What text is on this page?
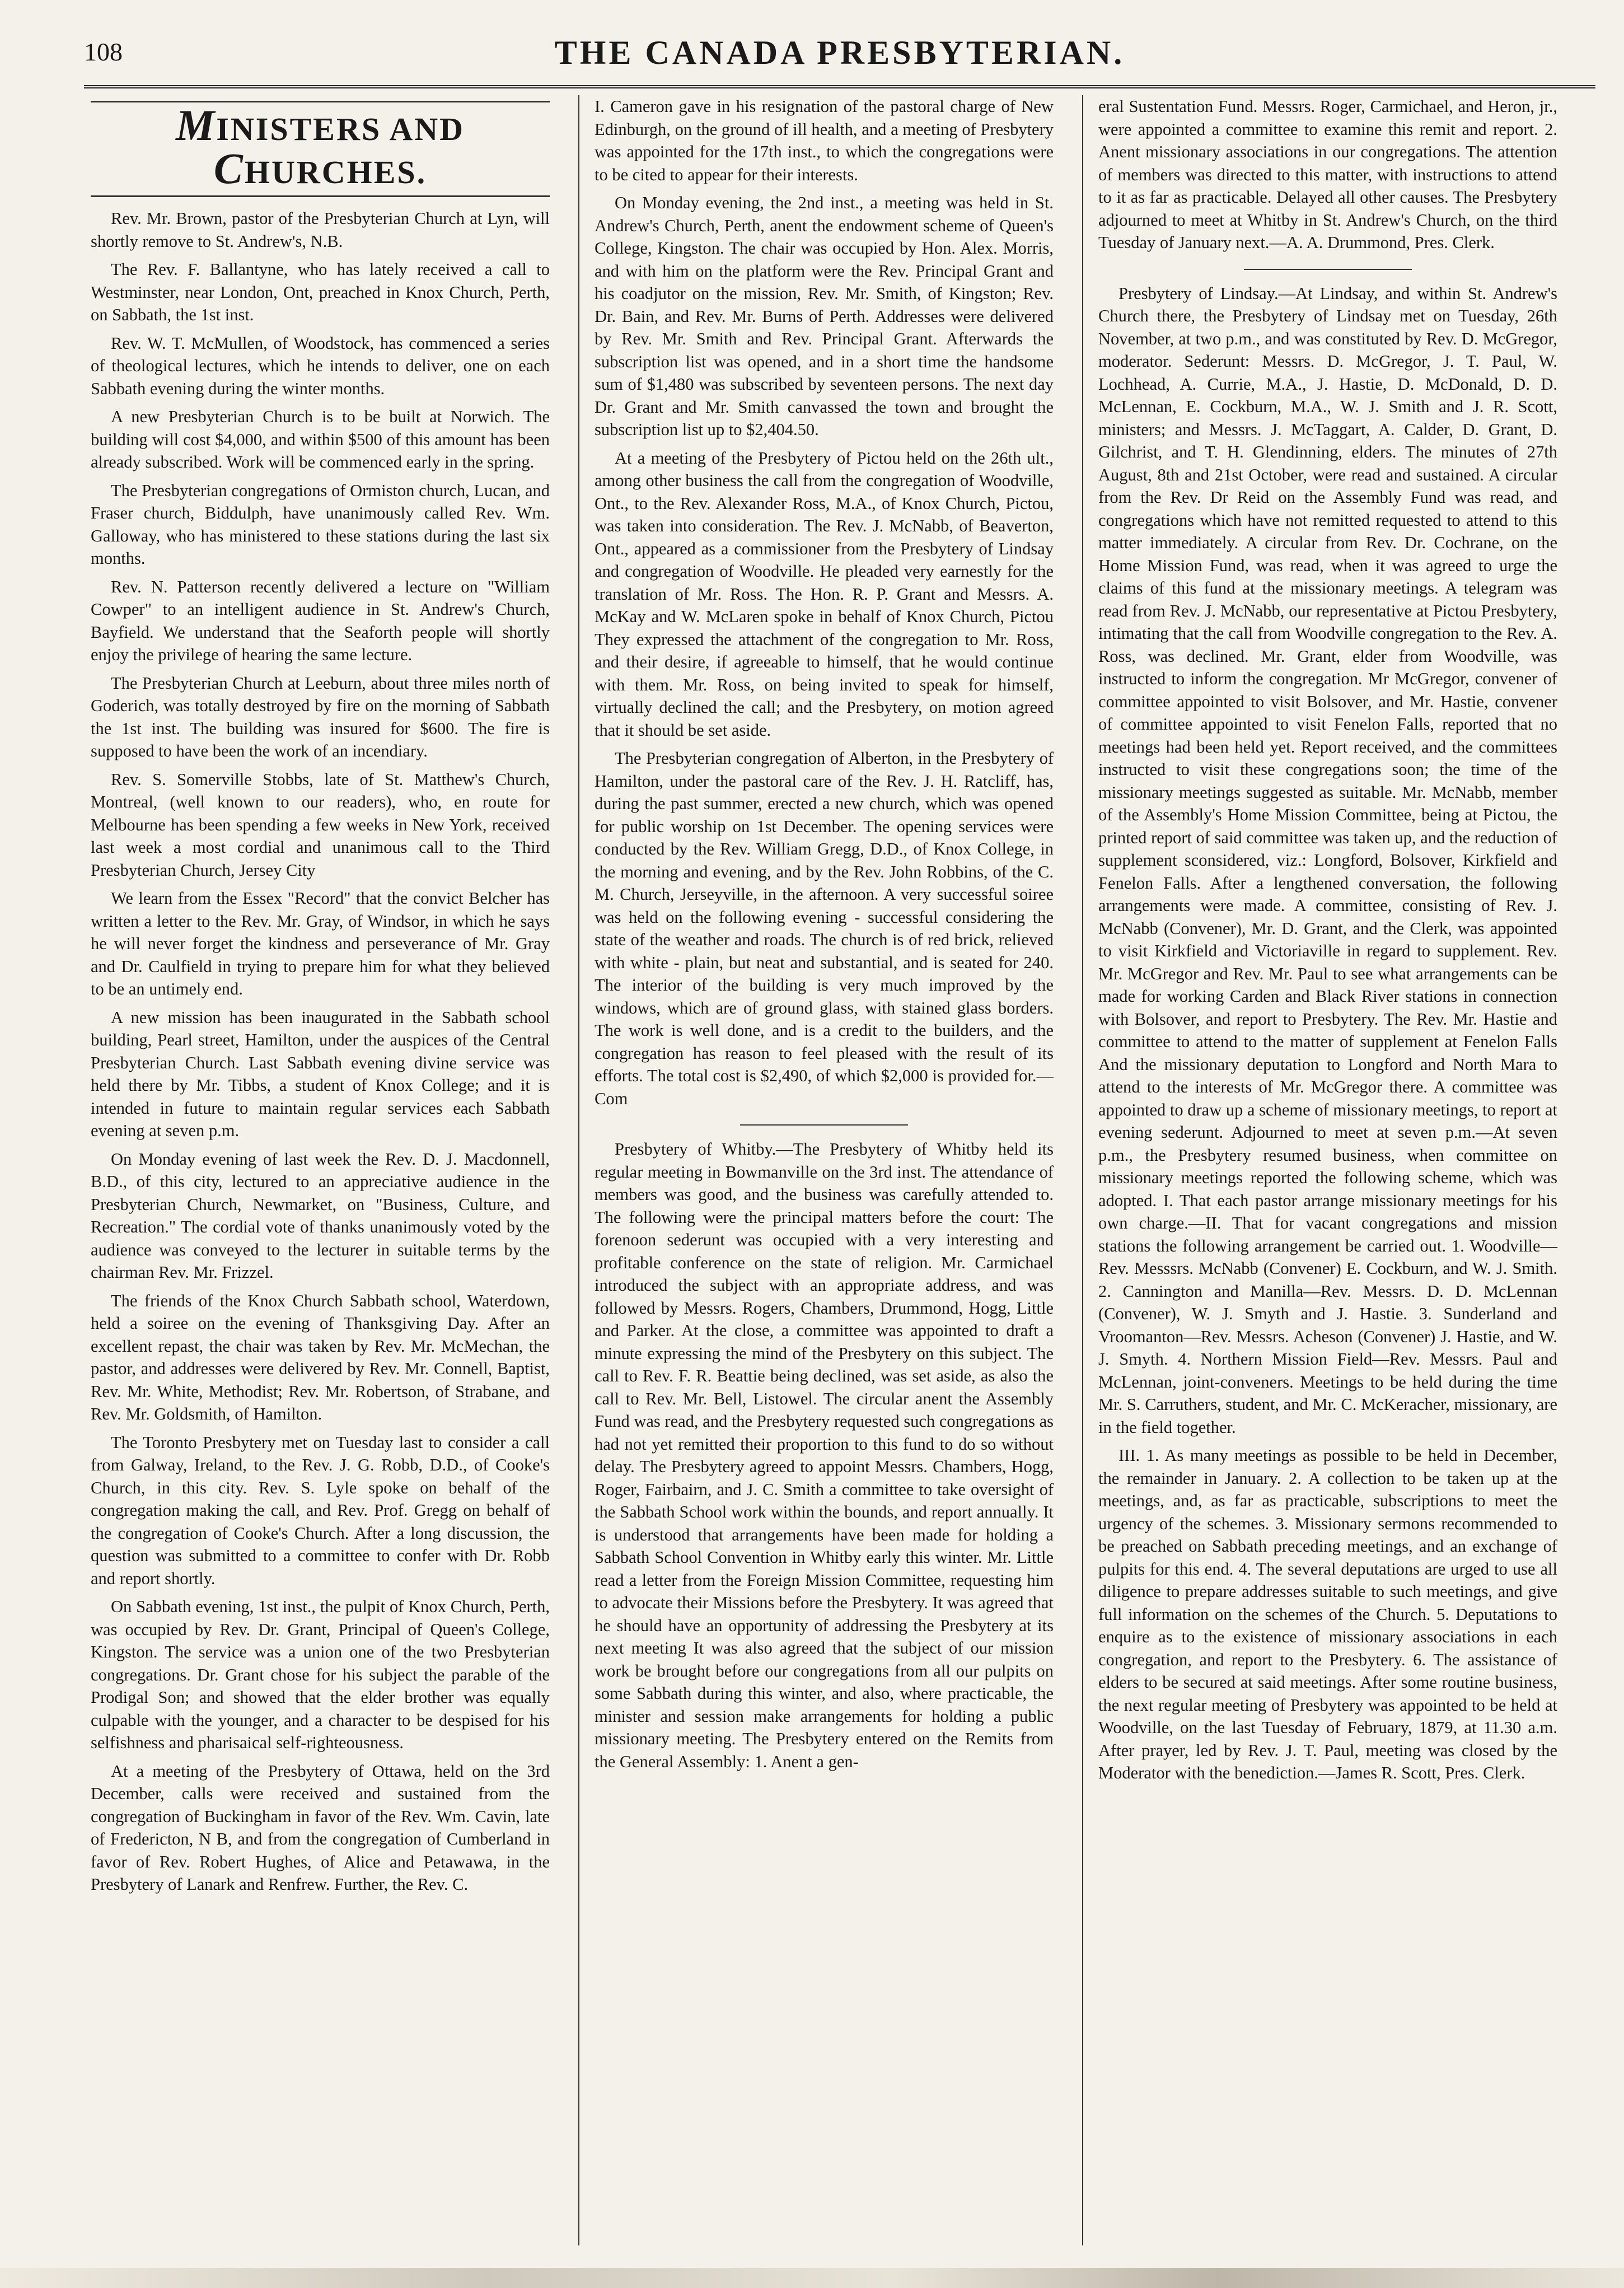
108	THE CANADA PRESBYTERIAN.
MINISTERS AND CHURCHES.

Rev. Mr. Brown, pastor of the Presbyterian Church at Lyn, will shortly remove to St. Andrew's, N.B.

The Rev. F. Ballantyne, who has lately received a call to Westminster, near London, Ont, preached in Knox Church, Perth, on Sabbath, the 1st inst.

Rev. W. T. McMullen, of Woodstock, has commenced a series of theological lectures, which he intends to deliver, one on each Sabbath evening during the winter months.

A new Presbyterian Church is to be built at Norwich. The building will cost $4,000, and within $500 of this amount has been already subscribed. Work will be commenced early in the spring.

The Presbyterian congregations of Ormiston church, Lucan, and Fraser church, Biddulph, have unanimously called Rev. Wm. Galloway, who has ministered to these stations during the last six months.

Rev. N. Patterson recently delivered a lecture on "William Cowper" to an intelligent audience in St. Andrew's Church, Bayfield. We understand that the Seaforth people will shortly enjoy the privilege of hearing the same lecture.

The Presbyterian Church at Leeburn, about three miles north of Goderich, was totally destroyed by fire on the morning of Sabbath the 1st inst. The building was insured for $600. The fire is supposed to have been the work of an incendiary.

Rev. S. Somerville Stobbs, late of St. Matthew's Church, Montreal, (well known to our readers), who, en route for Melbourne has been spending a few weeks in New York, received last week a most cordial and unanimous call to the Third Presbyterian Church, Jersey City

We learn from the Essex "Record" that the convict Belcher has written a letter to the Rev. Mr. Gray, of Windsor, in which he says he will never forget the kindness and perseverance of Mr. Gray and Dr. Caulfield in trying to prepare him for what they believed to be an untimely end.

A new mission has been inaugurated in the Sabbath school building, Pearl street, Hamilton, under the auspices of the Central Presbyterian Church. Last Sabbath evening divine service was held there by Mr. Tibbs, a student of Knox College; and it is intended in future to maintain regular services each Sabbath evening at seven p.m.

On Monday evening of last week the Rev. D. J. Macdonnell, B.D., of this city, lectured to an appreciative audience in the Presbyterian Church, Newmarket, on "Business, Culture, and Recreation." The cordial vote of thanks unanimously voted by the audience was conveyed to the lecturer in suitable terms by the chairman Rev. Mr. Frizzel.

The friends of the Knox Church Sabbath school, Waterdown, held a soiree on the evening of Thanksgiving Day. After an excellent repast, the chair was taken by Rev. Mr. McMechan, the pastor, and addresses were delivered by Rev. Mr. Connell, Baptist, Rev. Mr. White, Methodist; Rev. Mr. Robertson, of Strabane, and Rev. Mr. Goldsmith, of Hamilton.

The Toronto Presbytery met on Tuesday last to consider a call from Galway, Ireland, to the Rev. J. G. Robb, D.D., of Cooke's Church, in this city. Rev. S. Lyle spoke on behalf of the congregation making the call, and Rev. Prof. Gregg on behalf of the congregation of Cooke's Church. After a long discussion, the question was submitted to a committee to confer with Dr. Robb and report shortly.

On Sabbath evening, 1st inst., the pulpit of Knox Church, Perth, was occupied by Rev. Dr. Grant, Principal of Queen's College, Kingston. The service was a union one of the two Presbyterian congregations. Dr. Grant chose for his subject the parable of the Prodigal Son; and showed that the elder brother was equally culpable with the younger, and a character to be despised for his selfishness and pharisaical self-righteousness.

At a meeting of the Presbytery of Ottawa, held on the 3rd December, calls were received and sustained from the congregation of Buckingham in favor of the Rev. Wm. Cavin, late of Fredericton, N B, and from the congregation of Cumberland in favor of Rev. Robert Hughes, of Alice and Petawawa, in the Presbytery of Lanark and Renfrew. Further, the Rev. C.

I. Cameron gave in his resignation of the pastoral charge of New Edinburgh, on the ground of ill health, and a meeting of Presbytery was appointed for the 17th inst., to which the congregations were to be cited to appear for their interests.

On Monday evening, the 2nd inst., a meeting was held in St. Andrew's Church, Perth, anent the endowment scheme of Queen's College, Kingston. The chair was occupied by Hon. Alex. Morris, and with him on the platform were the Rev. Principal Grant and his coadjutor on the mission, Rev. Mr. Smith, of Kingston; Rev. Dr. Bain, and Rev. Mr. Burns of Perth. Addresses were delivered by Rev. Mr. Smith and Rev. Principal Grant. Afterwards the subscription list was opened, and in a short time the handsome sum of $1,480 was subscribed by seventeen persons. The next day Dr. Grant and Mr. Smith canvassed the town and brought the subscription list up to $2,404.50.

At a meeting of the Presbytery of Pictou held on the 26th ult., among other business the call from the congregation of Woodville, Ont., to the Rev. Alexander Ross, M.A., of Knox Church, Pictou, was taken into consideration. The Rev. J. McNabb, of Beaverton, Ont., appeared as a commissioner from the Presbytery of Lindsay and congregation of Woodville. He pleaded very earnestly for the translation of Mr. Ross. The Hon. R. P. Grant and Messrs. A. McKay and W. McLaren spoke in behalf of Knox Church, Pictou They expressed the attachment of the congregation to Mr. Ross, and their desire, if agreeable to himself, that he would continue with them. Mr. Ross, on being invited to speak for himself, virtually declined the call; and the Presbytery, on motion agreed that it should be set aside.

The Presbyterian congregation of Alberton, in the Presbytery of Hamilton, under the pastoral care of the Rev. J. H. Ratcliff, has, during the past summer, erected a new church, which was opened for public worship on 1st December. The opening services were conducted by the Rev. William Gregg, D.D., of Knox College, in the morning and evening, and by the Rev. John Robbins, of the C. M. Church, Jerseyville, in the afternoon. A very successful soiree was held on the following evening - successful considering the state of the weather and roads. The church is of red brick, relieved with white - plain, but neat and substantial, and is seated for 240. The interior of the building is very much improved by the windows, which are of ground glass, with stained glass borders. The work is well done, and is a credit to the builders, and the congregation has reason to feel pleased with the result of its efforts. The total cost is $2,490, of which $2,000 is provided for.—Com

Presbytery of Whitby.—The Presbytery of Whitby held its regular meeting in Bowmanville on the 3rd inst. The attendance of members was good, and the business was carefully attended to. The following were the principal matters before the court: The forenoon sederunt was occupied with a very interesting and profitable conference on the state of religion. Mr. Carmichael introduced the subject with an appropriate address, and was followed by Messrs. Rogers, Chambers, Drummond, Hogg, Little and Parker. At the close, a committee was appointed to draft a minute expressing the mind of the Presbytery on this subject. The call to Rev. F. R. Beattie being declined, was set aside, as also the call to Rev. Mr. Bell, Listowel. The circular anent the Assembly Fund was read, and the Presbytery requested such congregations as had not yet remitted their proportion to this fund to do so without delay. The Presbytery agreed to appoint Messrs. Chambers, Hogg, Roger, Fairbairn, and J. C. Smith a committee to take oversight of the Sabbath School work within the bounds, and report annually. It is understood that arrangements have been made for holding a Sabbath School Convention in Whitby early this winter. Mr. Little read a letter from the Foreign Mission Committee, requesting him to advocate their Missions before the Presbytery. It was agreed that he should have an opportunity of addressing the Presbytery at its next meeting It was also agreed that the subject of our mission work be brought before our congregations from all our pulpits on some Sabbath during this winter, and also, where practicable, the minister and session make arrangements for holding a public missionary meeting. The Presbytery entered on the Remits from the General Assembly: 1. Anent a gen-

eral Sustentation Fund. Messrs. Roger, Carmichael, and Heron, jr., were appointed a committee to examine this remit and report. 2. Anent missionary associations in our congregations. The attention of members was directed to this matter, with instructions to attend to it as far as practicable. Delayed all other causes. The Presbytery adjourned to meet at Whitby in St. Andrew's Church, on the third Tuesday of January next.—A. A. Drummond, Pres. Clerk.

Presbytery of Lindsay.—At Lindsay, and within St. Andrew's Church there, the Presbytery of Lindsay met on Tuesday, 26th November, at two p.m., and was constituted by Rev. D. McGregor, moderator. Sederunt: Messrs. D. McGregor, J. T. Paul, W. Lochhead, A. Currie, M.A., J. Hastie, D. McDonald, D. D. McLennan, E. Cockburn, M.A., W. J. Smith and J. R. Scott, ministers; and Messrs. J. McTaggart, A. Calder, D. Grant, D. Gilchrist, and T. H. Glendinning, elders. The minutes of 27th August, 8th and 21st October, were read and sustained. A circular from the Rev. Dr Reid on the Assembly Fund was read, and congregations which have not remitted requested to attend to this matter immediately. A circular from Rev. Dr. Cochrane, on the Home Mission Fund, was read, when it was agreed to urge the claims of this fund at the missionary meetings. A telegram was read from Rev. J. McNabb, our representative at Pictou Presbytery, intimating that the call from Woodville congregation to the Rev. A. Ross, was declined. Mr. Grant, elder from Woodville, was instructed to inform the congregation. Mr McGregor, convener of committee appointed to visit Bolsover, and Mr. Hastie, convener of committee appointed to visit Fenelon Falls, reported that no meetings had been held yet. Report received, and the committees instructed to visit these congregations soon; the time of the missionary meetings suggested as suitable. Mr. McNabb, member of the Assembly's Home Mission Committee, being at Pictou, the printed report of said committee was taken up, and the reduction of supplement sconsidered, viz.: Longford, Bolsover, Kirkfield and Fenelon Falls. After a lengthened conversation, the following arrangements were made. A committee, consisting of Rev. J. McNabb (Convener), Mr. D. Grant, and the Clerk, was appointed to visit Kirkfield and Victoriaville in regard to supplement. Rev. Mr. McGregor and Rev. Mr. Paul to see what arrangements can be made for working Carden and Black River stations in connection with Bolsover, and report to Presbytery. The Rev. Mr. Hastie and committee to attend to the matter of supplement at Fenelon Falls And the missionary deputation to Longford and North Mara to attend to the interests of Mr. McGregor there. A committee was appointed to draw up a scheme of missionary meetings, to report at evening sederunt. Adjourned to meet at seven p.m.—At seven p.m., the Presbytery resumed business, when committee on missionary meetings reported the following scheme, which was adopted. I. That each pastor arrange missionary meetings for his own charge.—II. That for vacant congregations and mission stations the following arrangement be carried out. 1. Woodville—Rev. Messsrs. McNabb (Convener) E. Cockburn, and W. J. Smith. 2. Cannington and Manilla—Rev. Messrs. D. D. McLennan (Convener), W. J. Smyth and J. Hastie. 3. Sunderland and Vroomanton—Rev. Messrs. Acheson (Convener) J. Hastie, and W. J. Smyth. 4. Northern Mission Field—Rev. Messrs. Paul and McLennan, joint-conveners. Meetings to be held during the time Mr. S. Carruthers, student, and Mr. C. McKeracher, missionary, are in the field together.

III. 1. As many meetings as possible to be held in December, the remainder in January. 2. A collection to be taken up at the meetings, and, as far as practicable, subscriptions to meet the urgency of the schemes. 3. Missionary sermons recommended to be preached on Sabbath preceding meetings, and an exchange of pulpits for this end. 4. The several deputations are urged to use all diligence to prepare addresses suitable to such meetings, and give full information on the schemes of the Church. 5. Deputations to enquire as to the existence of missionary associations in each congregation, and report to the Presbytery. 6. The assistance of elders to be secured at said meetings. After some routine business, the next regular meeting of Presbytery was appointed to be held at Woodville, on the last Tuesday of February, 1879, at 11.30 a.m. After prayer, led by Rev. J. T. Paul, meeting was closed by the Moderator with the benediction.—James R. Scott, Pres. Clerk.
